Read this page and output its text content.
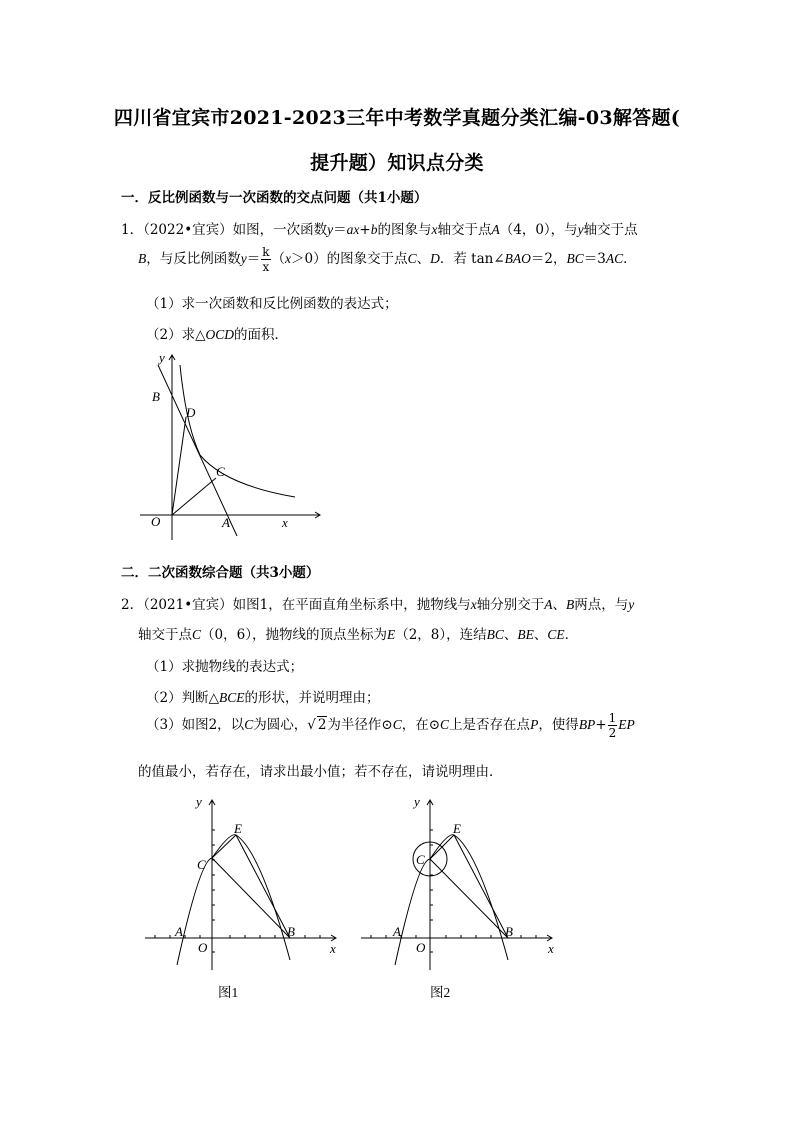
四川省宜宾市2021-2023三年中考数学真题分类汇编-03解答题(
提升题）知识点分类
一．反比例函数与一次函数的交点问题（共1小题）
1．（2022•宜宾）如图，一次函数y＝ax+b的图象与x轴交于点A（4，0），与y轴交于点
B，与反比例函数$y= \frac{k}{x} (x>0)$的图象交于点C、D．若 tan∠BAO＝2，BC＝3AC．
（1）求一次函数和反比例函数的表达式；
（2）求△OCD的面积．
y
x
B
D
C
O	A
二．二次函数综合题（共3小题）
2．（2021•宜宾）如图1，在平面直角坐标系中，抛物线与x轴分别交于A、B两点，与y
轴交于点C（0，6），抛物线的顶点坐标为E（2，8），连结BC、BE、CE．
（1）求抛物线的表达式；
（2）判断△BCE的形状，并说明理由；
（3）如图2，以C为圆心，√ 2为半径作⊙C，在⊙C上是否存在点P，使得$BP+ \frac{1}{2}$ EP
的值最小，若存在，请求出最小值；若不存在，请说明理由．
y
x
E
C
A
O
B
图1
y
x
E
C
A
O
B
图2
